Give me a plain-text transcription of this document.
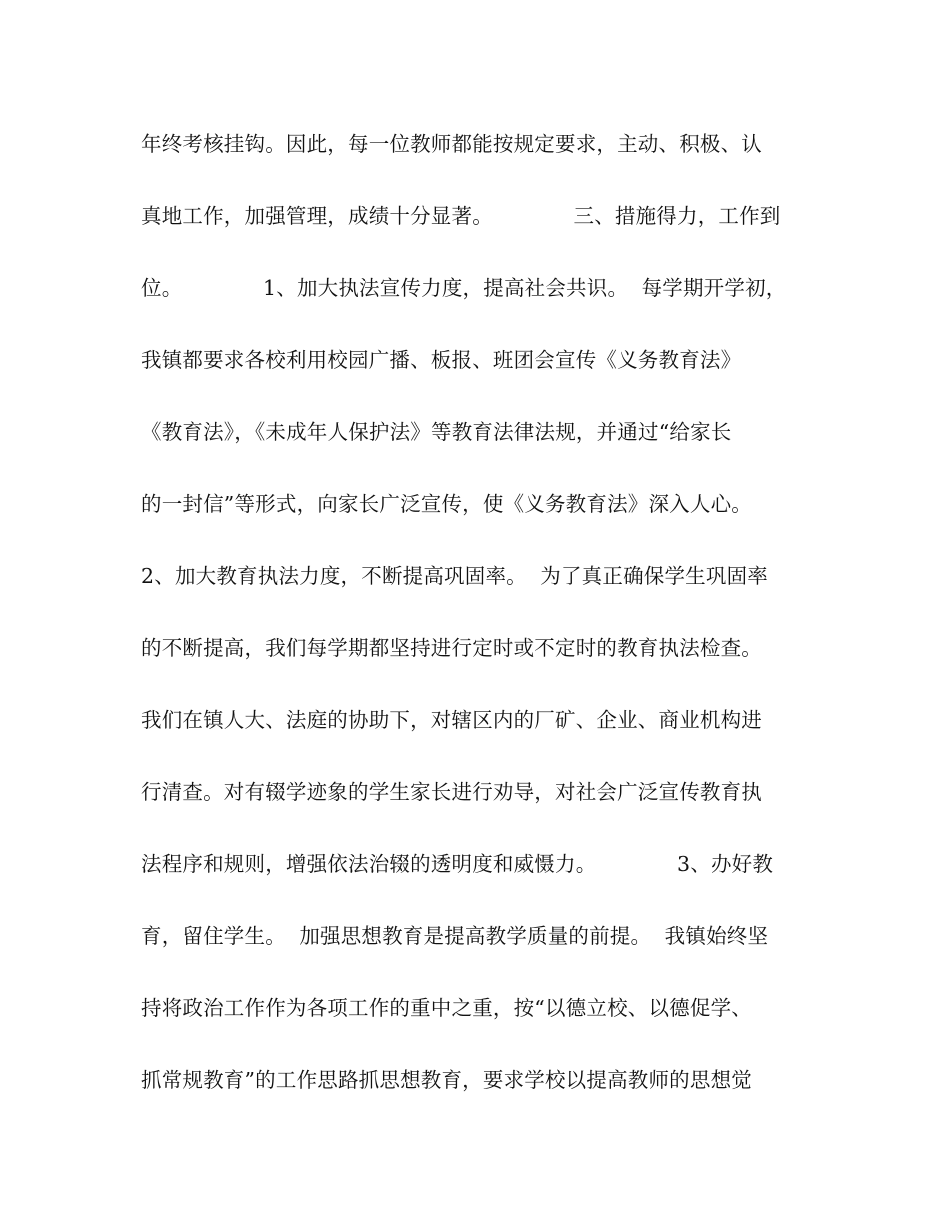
年终考核挂钩。因此，每一位教师都能按规定要求，主动、积极、认
真地工作，加强管理，成绩十分显著。            三、措施得力，工作到
位。            1、加大执法宣传力度，提高社会共识。  每学期开学初，
我镇都要求各校利用校园广播、板报、班团会宣传《义务教育法》
《教育法》，《未成年人保护法》等教育法律法规，并通过“给家长
的一封信”等形式，向家长广泛宣传，使《义务教育法》深入人心。
2、加大教育执法力度，不断提高巩固率。  为了真正确保学生巩固率
的不断提高，我们每学期都坚持进行定时或不定时的教育执法检查。
我们在镇人大、法庭的协助下，对辖区内的厂矿、企业、商业机构进
行清查。对有辍学迹象的学生家长进行劝导，对社会广泛宣传教育执
法程序和规则，增强依法治辍的透明度和威慑力。            3、办好教
育，留住学生。  加强思想教育是提高教学质量的前提。  我镇始终坚
持将政治工作作为各项工作的重中之重，按“以德立校、以德促学、
抓常规教育”的工作思路抓思想教育，要求学校以提高教师的思想觉
